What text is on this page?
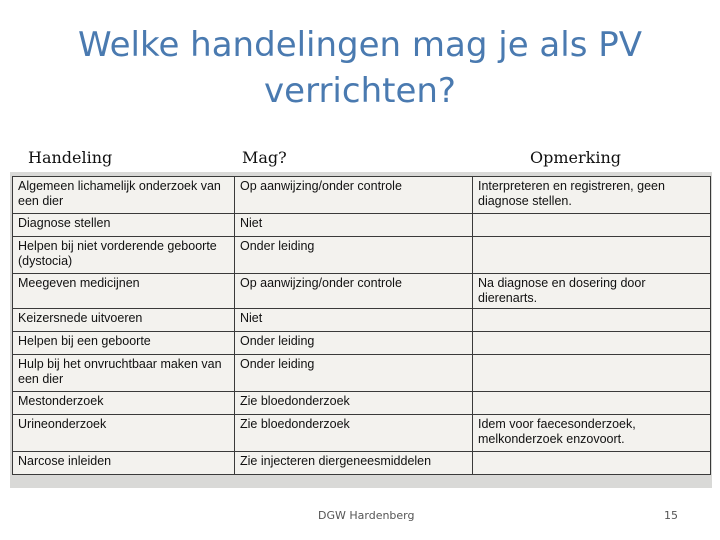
Welke handelingen mag je als PV verrichten?
Handeling	Mag?	Opmerking
Algemeen lichamelijk onderzoek van een dier	Op aanwijzing/onder controle	Interpreteren en registreren, geen diagnose stellen.
Diagnose stellen	Niet	
Helpen bij niet vorderende geboorte (dystocia)	Onder leiding	
Meegeven medicijnen	Op aanwijzing/onder controle	Na diagnose en dosering door dierenarts.
Keizersnede uitvoeren	Niet	
Helpen bij een geboorte	Onder leiding	
Hulp bij het onvruchtbaar maken van een dier	Onder leiding	
Mestonderzoek	Zie bloedonderzoek	
Urineonderzoek	Zie bloedonderzoek	Idem voor faecesonderzoek, melkonderzoek enzovoort.
Narcose inleiden	Zie injecteren diergeneesmiddelen	
DGW Hardenberg	15
